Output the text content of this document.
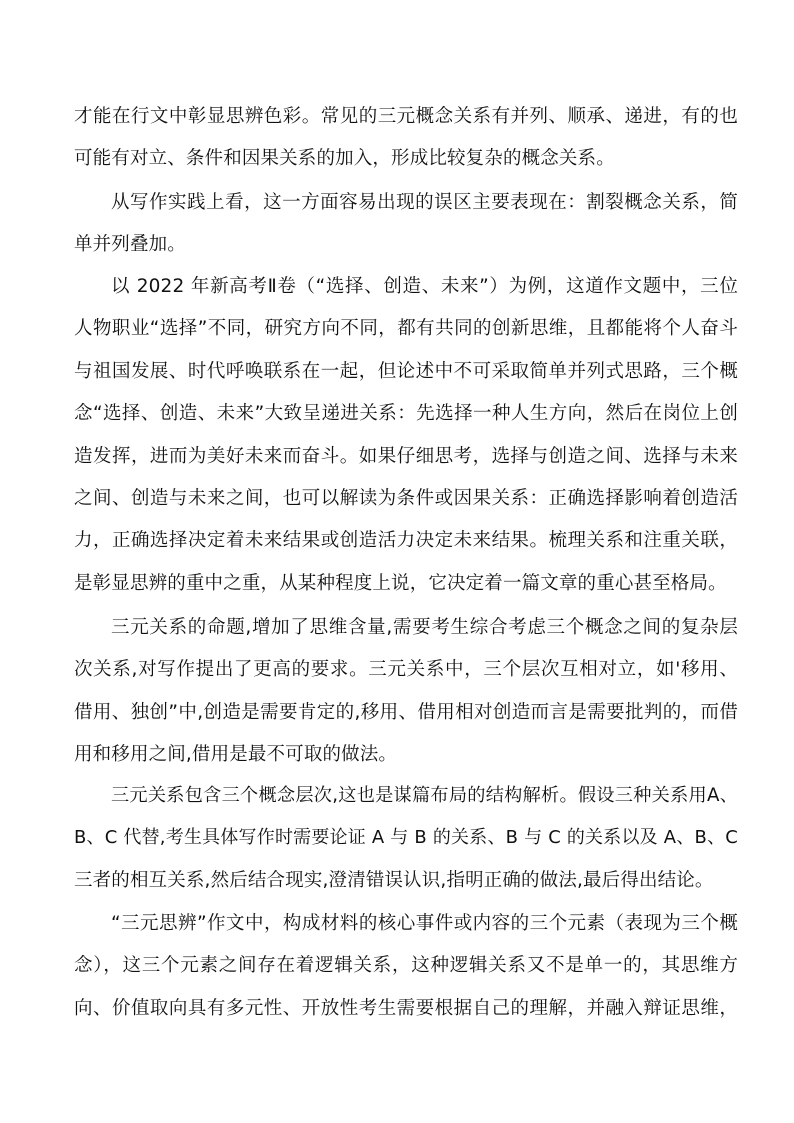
才能在行文中彰显思辨色彩。常见的三元概念关系有并列、顺承、递进，有的也
可能有对立、条件和因果关系的加入，形成比较复杂的概念关系。

从写作实践上看，这一方面容易出现的误区主要表现在：割裂概念关系，简
单并列叠加。

以 2022 年新高考Ⅱ卷（“选择、创造、未来”）为例，这道作文题中，三位
人物职业“选择”不同，研究方向不同，都有共同的创新思维，且都能将个人奋斗
与祖国发展、时代呼唤联系在一起，但论述中不可采取简单并列式思路，三个概
念“选择、创造、未来”大致呈递进关系：先选择一种人生方向，然后在岗位上创
造发挥，进而为美好未来而奋斗。如果仔细思考，选择与创造之间、选择与未来
之间、创造与未来之间，也可以解读为条件或因果关系：正确选择影响着创造活
力，正确选择决定着未来结果或创造活力决定未来结果。梳理关系和注重关联，
是彰显思辨的重中之重，从某种程度上说，它决定着一篇文章的重心甚至格局。

三元关系的命题,增加了思维含量,需要考生综合考虑三个概念之间的复杂层
次关系,对写作提出了更高的要求。三元关系中，三个层次互相对立，如'移用、
借用、独创”中,创造是需要肯定的,移用、借用相对创造而言是需要批判的，而借
用和移用之间,借用是最不可取的做法。

三元关系包含三个概念层次,这也是谋篇布局的结构解析。假设三种关系用A、
B、C 代替,考生具体写作时需要论证 A 与 B 的关系、B 与 C 的关系以及 A、B、C
三者的相互关系,然后结合现实,澄清错误认识,指明正确的做法,最后得出结论。

“三元思辨”作文中，构成材料的核心事件或内容的三个元素（表现为三个概
念），这三个元素之间存在着逻辑关系，这种逻辑关系又不是单一的，其思维方
向、价值取向具有多元性、开放性考生需要根据自己的理解，并融入辩证思维，
